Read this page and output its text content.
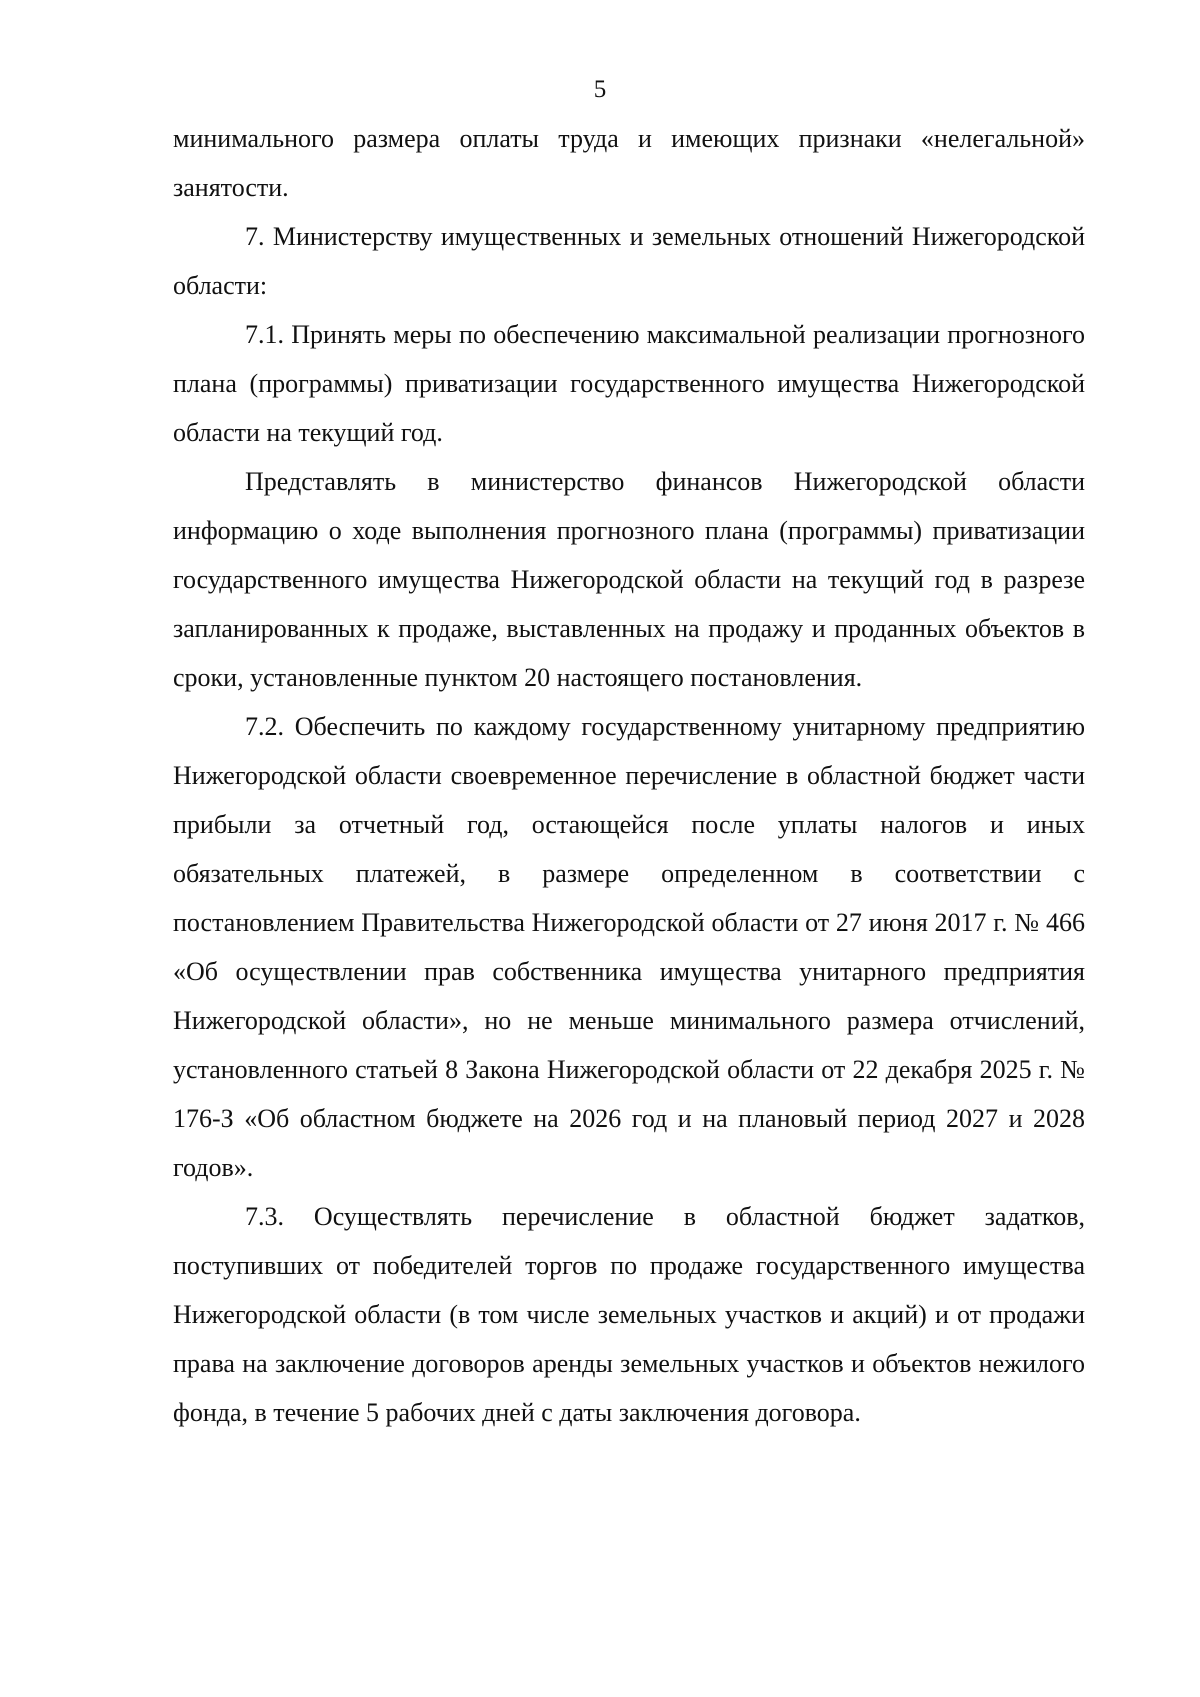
5

минимального размера оплаты труда и имеющих признаки «нелегальной» занятости.

7. Министерству имущественных и земельных отношений Нижегородской области:

7.1. Принять меры по обеспечению максимальной реализации прогнозного плана (программы) приватизации государственного имущества Нижегородской области на текущий год.

Представлять в министерство финансов Нижегородской области информацию о ходе выполнения прогнозного плана (программы) приватизации государственного имущества Нижегородской области на текущий год в разрезе запланированных к продаже, выставленных на продажу и проданных объектов в сроки, установленные пунктом 20 настоящего постановления.

7.2. Обеспечить по каждому государственному унитарному предприятию Нижегородской области своевременное перечисление в областной бюджет части прибыли за отчетный год, остающейся после уплаты налогов и иных обязательных платежей, в размере определенном в соответствии с постановлением Правительства Нижегородской области от 27 июня 2017 г. № 466 «Об осуществлении прав собственника имущества унитарного предприятия Нижегородской области», но не меньше минимального размера отчислений, установленного статьей 8 Закона Нижегородской области от 22 декабря 2025 г. № 176-З «Об областном бюджете на 2026 год и на плановый период 2027 и 2028 годов».

7.3. Осуществлять перечисление в областной бюджет задатков, поступивших от победителей торгов по продаже государственного имущества Нижегородской области (в том числе земельных участков и акций) и от продажи права на заключение договоров аренды земельных участков и объектов нежилого фонда, в течение 5 рабочих дней с даты заключения договора.
